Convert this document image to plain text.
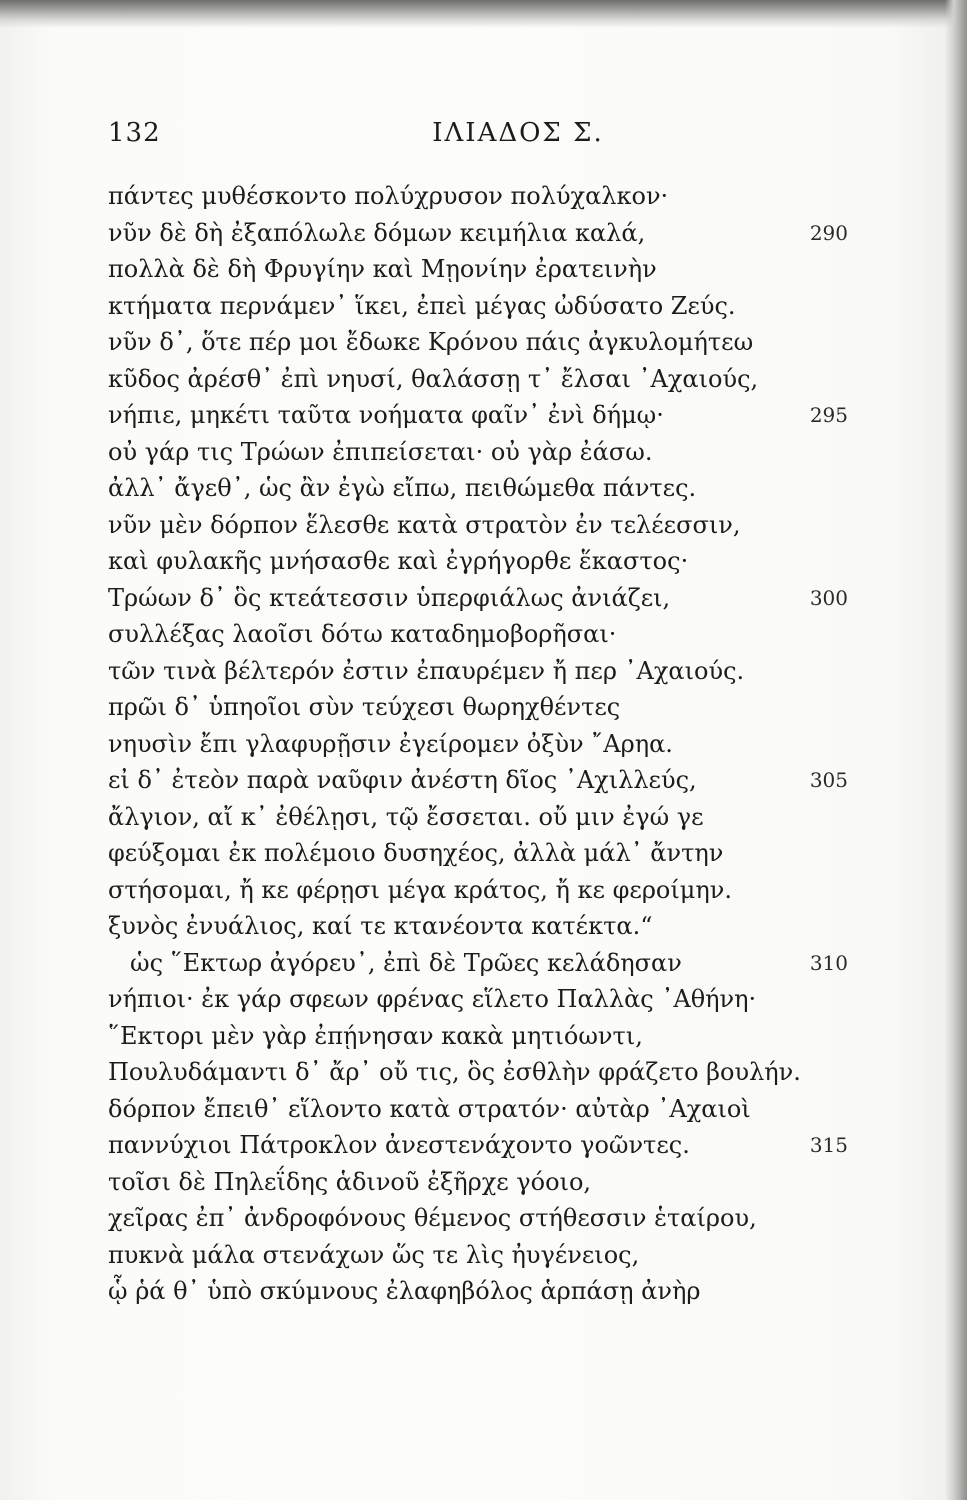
132	ΙΛΙΑΔΟΣ Σ.
πάντες μυθέσκοντο πολύχρυσον πολύχαλκον·
νῦν δὲ δὴ ἐξαπόλωλε δόμων κειμήλια καλά,	290
πολλὰ δὲ δὴ Φρυγίην καὶ Μῃονίην ἐρατεινὴν
κτήματα περνάμεν᾽ ἵκει, ἐπεὶ μέγας ὠδύσατο Ζεύς.
νῦν δ᾽, ὅτε πέρ μοι ἔδωκε Κρόνου πάις ἀγκυλομήτεω
κῦδος ἀρέσθ᾽ ἐπὶ νηυσί, θαλάσσῃ τ᾽ ἔλσαι ᾽Αχαιούς,
νήπιε, μηκέτι ταῦτα νοήματα φαῖν᾽ ἐνὶ δήμῳ·	295
οὐ γάρ τις Τρώων ἐπιπείσεται· οὐ γὰρ ἐάσω.
ἀλλ᾽ ἄγεθ᾽, ὡς ἂν ἐγὼ εἴπω, πειθώμεθα πάντες.
νῦν μὲν δόρπον ἕλεσθε κατὰ στρατὸν ἐν τελέεσσιν,
καὶ φυλακῆς μνήσασθε καὶ ἐγρήγορθε ἕκαστος·
Τρώων δ᾽ ὃς κτεάτεσσιν ὑπερφιάλως ἀνιάζει,	300
συλλέξας λαοῖσι δότω καταδημοβορῆσαι·
τῶν τινὰ βέλτερόν ἐστιν ἐπαυρέμεν ἤ περ ᾽Αχαιούς.
πρῶι δ᾽ ὑπηοῖοι σὺν τεύχεσι θωρηχθέντες
νηυσὶν ἔπι γλαφυρῇσιν ἐγείρομεν ὀξὺν ῎Αρηα.
εἰ δ᾽ ἐτεὸν παρὰ ναῦφιν ἀνέστη δῖος ᾽Αχιλλεύς,	305
ἄλγιον, αἴ κ᾽ ἐθέλῃσι, τῷ ἔσσεται. οὔ μιν ἐγώ γε
φεύξομαι ἐκ πολέμοιο δυσηχέος, ἀλλὰ μάλ᾽ ἄντην
στήσομαι, ἤ κε φέρῃσι μέγα κράτος, ἤ κε φεροίμην.
ξυνὸς ἐνυάλιος, καί τε κτανέοντα κατέκτα.“
ὡς ῞Εκτωρ ἀγόρευ᾽, ἐπὶ δὲ Τρῶες κελάδησαν	310
νήπιοι· ἐκ γάρ σφεων φρένας εἵλετο Παλλὰς ᾽Αθήνη·
῞Εκτορι μὲν γὰρ ἐπῄνησαν κακὰ μητιόωντι,
Πουλυδάμαντι δ᾽ ἄρ᾽ οὔ τις, ὃς ἐσθλὴν φράζετο βουλήν.
δόρπον ἔπειθ᾽ εἵλοντο κατὰ στρατόν· αὐτὰρ ᾽Αχαιοὶ
παννύχιοι Πάτροκλον ἀνεστενάχοντο γοῶντες.	315
τοῖσι δὲ Πηλεΐδης ἁδινοῦ ἐξῆρχε γόοιο,
χεῖρας ἐπ᾽ ἀνδροφόνους θέμενος στήθεσσιν ἑταίρου,
πυκνὰ μάλα στενάχων ὥς τε λὶς ἠυγένειος,
ᾧ ῥά θ᾽ ὑπὸ σκύμνους ἐλαφηβόλος ἁρπάσῃ ἀνὴρ
